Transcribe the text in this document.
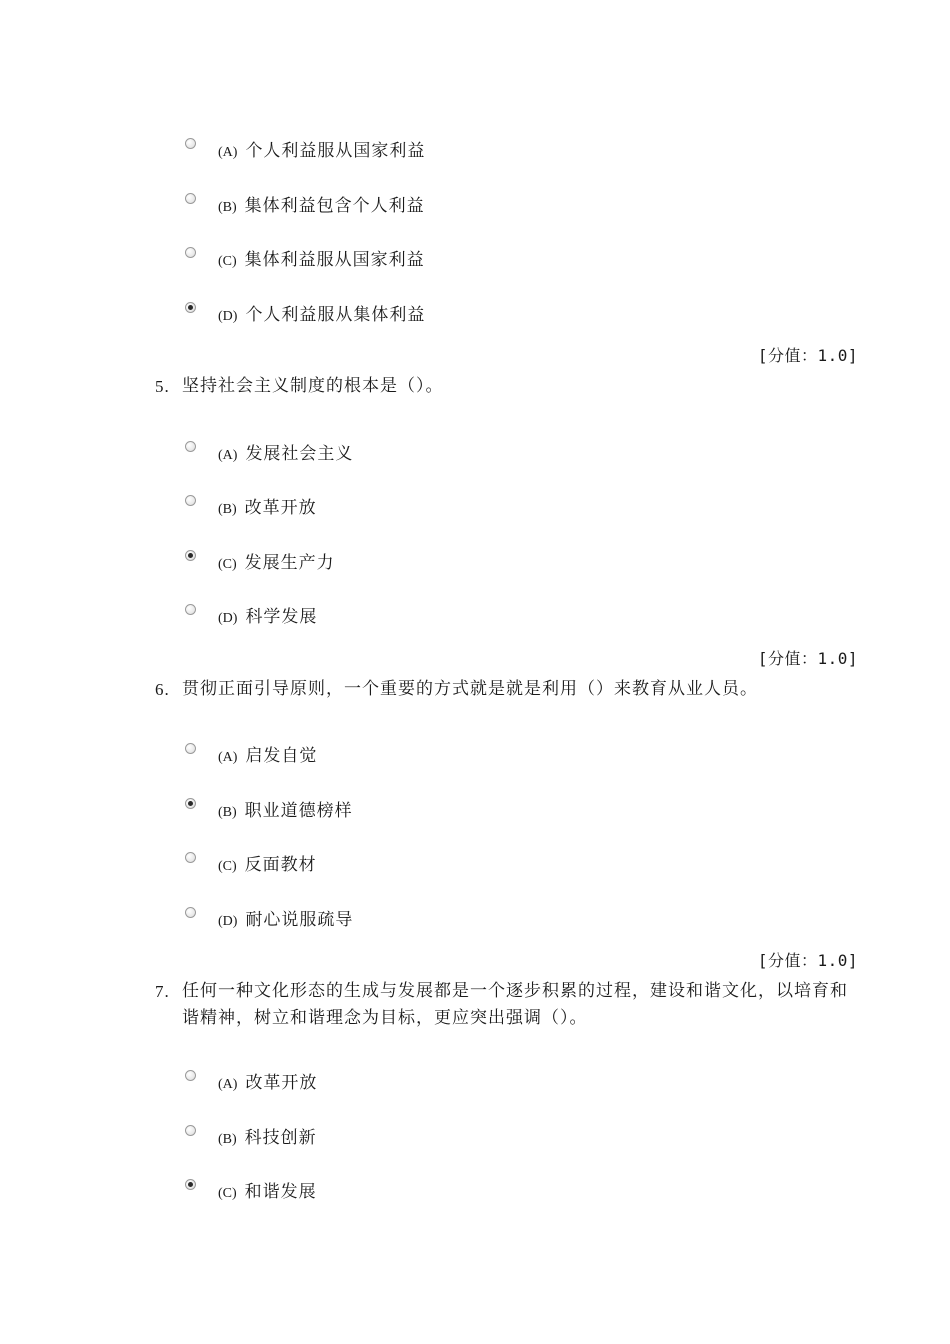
(A) 个人利益服从国家利益
(B) 集体利益包含个人利益
(C) 集体利益服从国家利益
(D) 个人利益服从集体利益
[分值：1.0]
5. 坚持社会主义制度的根本是（）。
(A) 发展社会主义
(B) 改革开放
(C) 发展生产力
(D) 科学发展
[分值：1.0]
6. 贯彻正面引导原则，一个重要的方式就是就是利用（）来教育从业人员。
(A) 启发自觉
(B) 职业道德榜样
(C) 反面教材
(D) 耐心说服疏导
[分值：1.0]
7. 任何一种文化形态的生成与发展都是一个逐步积累的过程，建设和谐文化，以培育和谐精神，树立和谐理念为目标，更应突出强调（）。
(A) 改革开放
(B) 科技创新
(C) 和谐发展
